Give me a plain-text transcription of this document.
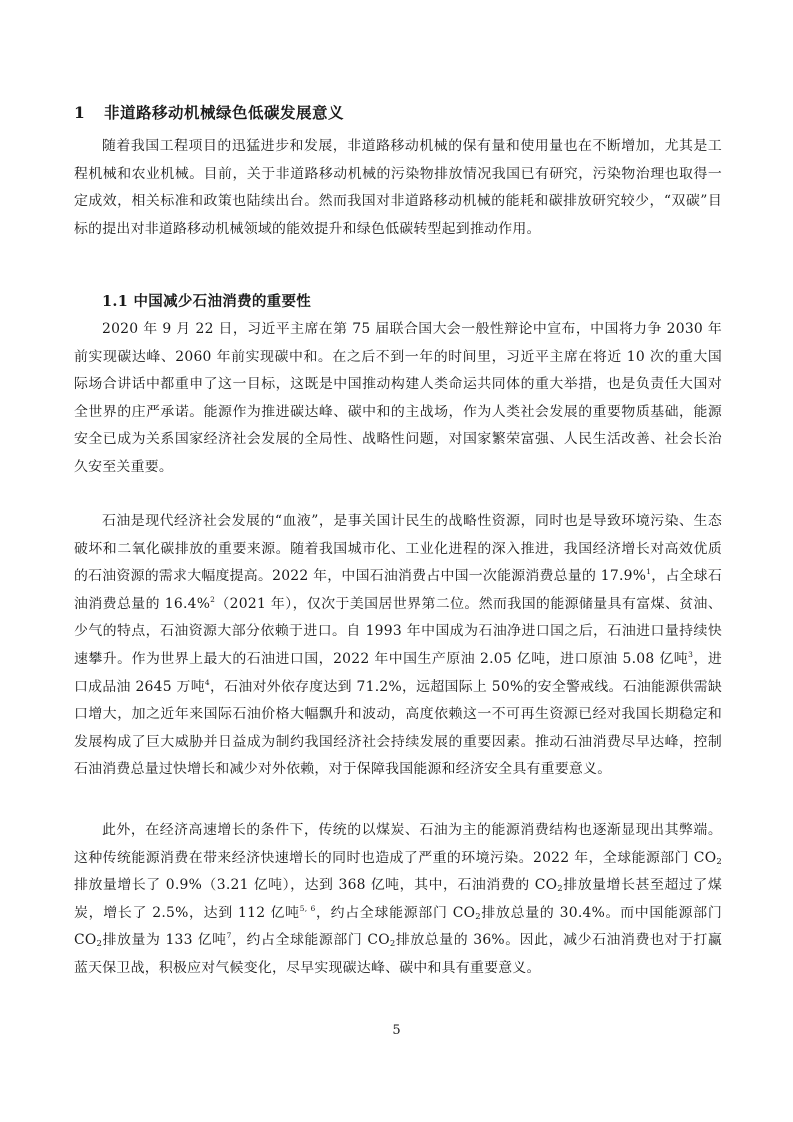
1 非道路移动机械绿色低碳发展意义

随着我国工程项目的迅猛进步和发展，非道路移动机械的保有量和使用量也在不断增加，尤其是工程机械和农业机械。目前，关于非道路移动机械的污染物排放情况我国已有研究，污染物治理也取得一定成效，相关标准和政策也陆续出台。然而我国对非道路移动机械的能耗和碳排放研究较少，“双碳”目标的提出对非道路移动机械领域的能效提升和绿色低碳转型起到推动作用。

1.1 中国减少石油消费的重要性

2020 年 9 月 22 日，习近平主席在第 75 届联合国大会一般性辩论中宣布，中国将力争 2030 年前实现碳达峰、2060 年前实现碳中和。在之后不到一年的时间里，习近平主席在将近 10 次的重大国际场合讲话中都重申了这一目标，这既是中国推动构建人类命运共同体的重大举措，也是负责任大国对全世界的庄严承诺。能源作为推进碳达峰、碳中和的主战场，作为人类社会发展的重要物质基础，能源安全已成为关系国家经济社会发展的全局性、战略性问题，对国家繁荣富强、人民生活改善、社会长治久安至关重要。

石油是现代经济社会发展的“血液”，是事关国计民生的战略性资源，同时也是导致环境污染、生态破坏和二氧化碳排放的重要来源。随着我国城市化、工业化进程的深入推进，我国经济增长对高效优质的石油资源的需求大幅度提高。2022 年，中国石油消费占中国一次能源消费总量的 17.9%$^1$，占全球石油消费总量的 16.4%$^2$（2021 年），仅次于美国居世界第二位。然而我国的能源储量具有富煤、贫油、少气的特点，石油资源大部分依赖于进口。自 1993 年中国成为石油净进口国之后，石油进口量持续快速攀升。作为世界上最大的石油进口国，2022 年中国生产原油 2.05 亿吨，进口原油 5.08 亿吨$^3$，进口成品油 2645 万吨$^4$，石油对外依存度达到 71.2%，远超国际上 50%的安全警戒线。石油能源供需缺口增大，加之近年来国际石油价格大幅飘升和波动，高度依赖这一不可再生资源已经对我国长期稳定和发展构成了巨大威胁并日益成为制约我国经济社会持续发展的重要因素。推动石油消费尽早达峰，控制石油消费总量过快增长和减少对外依赖，对于保障我国能源和经济安全具有重要意义。

此外，在经济高速增长的条件下，传统的以煤炭、石油为主的能源消费结构也逐渐显现出其弊端。这种传统能源消费在带来经济快速增长的同时也造成了严重的环境污染。2022 年，全球能源部门 $CO_2$排放量增长了 0.9%（3.21 亿吨），达到 368 亿吨，其中，石油消费的 $CO_2$排放量增长甚至超过了煤炭，增长了 2.5%，达到 112 亿吨$^{5, 6}$，约占全球能源部门 $CO_2$排放总量的 30.4%。而中国能源部门 $CO_2$排放量为 133 亿吨$^7$，约占全球能源部门 $CO_2$排放总量的 36%。因此，减少石油消费也对于打赢蓝天保卫战，积极应对气候变化，尽早实现碳达峰、碳中和具有重要意义。

5
